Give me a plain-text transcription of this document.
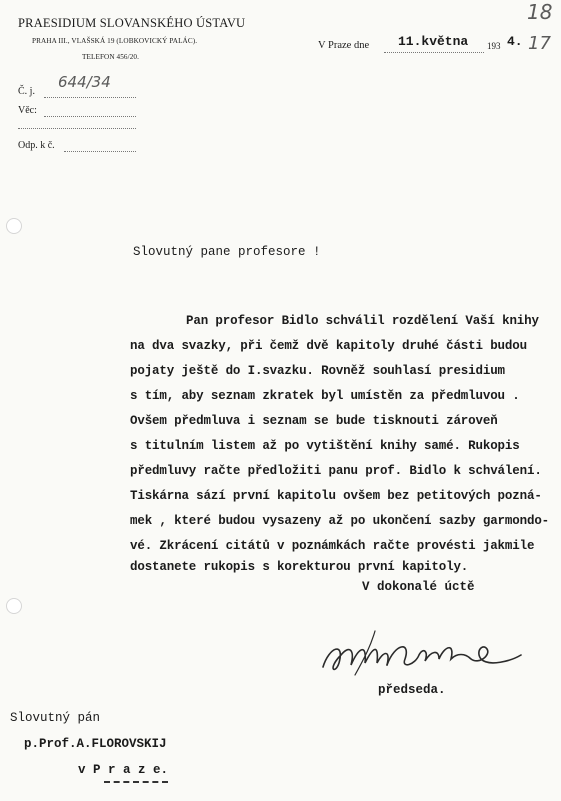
PRAESIDIUM SLOVANSKÉHO ÚSTAVU
PRAHA III., VLAŠSKÁ 19 (LOBKOVICKÝ PALÁC).
TELEFON 456/20.
Č. j.
644/34
Věc:
Odp. k č.
V Praze dne 11.května 193 4.
18
17
Slovutný pane profesore !
Pan profesor Bidlo schválil rozdělení Vaší knihy
na dva svazky, při čemž dvě kapitoly druhé části budou
pojaty ještě do I.svazku. Rovněž souhlasí presidium
s tím, aby seznam zkratek byl umístěn za předmluvou .
Ovšem předmluva i seznam se bude tisknouti zároveň
s titulním listem až po vytištění knihy samé. Rukopis
předmluvy račte předložiti panu prof. Bidlo k schválení.
Tiskárna sází první kapitolu ovšem bez petitových pozná-
mek , které budou vysazeny až po ukončení sazby garmondo-
vé. Zkrácení citátů v poznámkách račte provésti jakmile
dostanete rukopis s korekturou první kapitoly.
V dokonalé úctě
předseda.
Slovutný pán
p.Prof.A.FLOROVSKIJ
v P r a z e.
